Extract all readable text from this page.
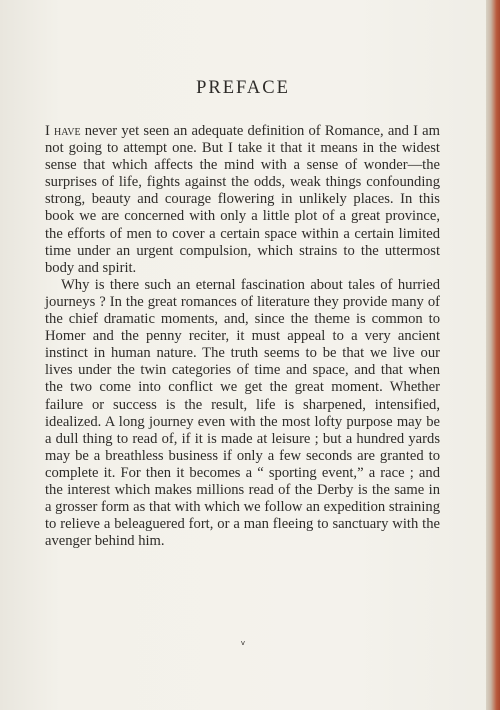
PREFACE

I have never yet seen an adequate definition of Romance, and I am not going to attempt one. But I take it that it means in the widest sense that which affects the mind with a sense of wonder—the surprises of life, fights against the odds, weak things confounding strong, beauty and courage flowering in unlikely places. In this book we are concerned with only a little plot of a great province, the efforts of men to cover a certain space within a certain limited time under an urgent compulsion, which strains to the uttermost body and spirit.

Why is there such an eternal fascination about tales of hurried journeys ? In the great romances of literature they provide many of the chief dramatic moments, and, since the theme is common to Homer and the penny reciter, it must appeal to a very ancient instinct in human nature. The truth seems to be that we live our lives under the twin categories of time and space, and that when the two come into conflict we get the great moment. Whether failure or success is the result, life is sharpened, intensified, idealized. A long journey even with the most lofty purpose may be a dull thing to read of, if it is made at leisure ; but a hundred yards may be a breathless business if only a few seconds are granted to complete it. For then it becomes a “ sporting event,” a race ; and the interest which makes millions read of the Derby is the same in a grosser form as that with which we follow an expedition straining to relieve a beleaguered fort, or a man fleeing to sanctuary with the avenger behind him.

v
